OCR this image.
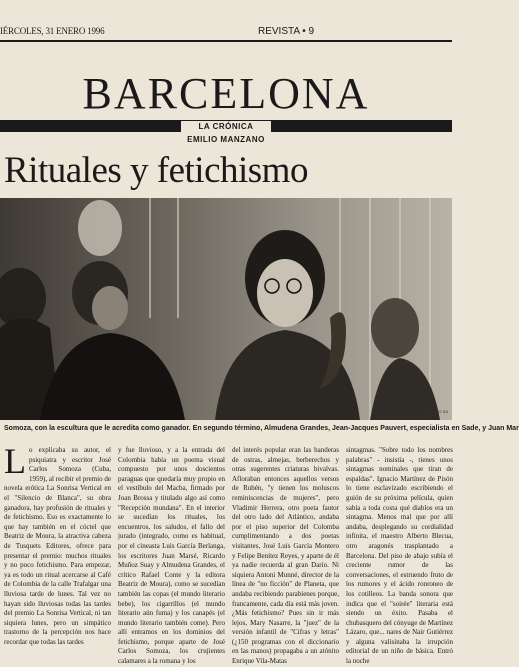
IÉRCOLES, 31 ENERO 1996	REVISTA • 9
BARCELONA
LA CRÓNICA
EMILIO MANZANO
Rituales y fetichismo
PATRICIO SA
Somoza, con la escultura que le acredita como ganador. En segundo término, Almudena Grandes, Jean-Jacques Pauvert, especialista en Sade, y Juan Mar
L o explicaba su autor, el psiquiatra y escritor José Carlos Somoza (Cuba, 1959), al recibir el premio de novela erótica La Sonrisa Vertical en el "Silencio de Blanca", su obra ganadora, hay profusión de rituales y de fetichismo. Eso es exactamente lo que hay también en el cóctel que Beatriz de Moura, la atractiva cabeza de Tusquets Editores, ofrece para presentar el premio: muchos rituales y no poco fetichismo. Para empezar, ya es todo un ritual acercarse al Café de Colombia de la calle Trafalgar una lluviosa tarde de lunes. Tal vez no hayan sido lluviosas todas las tardes del premio La Sonrisa Vertical, ni tan siquiera lunes, pero un simpático trastorno de la percepción nos hace recordar que todas las tardes

y fue lluvioso, y a la entrada del Colombia había un poema visual compuesto por unos doscientos paraguas que quedaría muy propio en el vestíbulo del Macba, firmado por Joan Brossa y titulado algo así como "Recepción mundana". En el interior se sucedían los rituales, los encuentros, los saludos, el fallo del jurado (integrado, como es habitual, por el cineasta Luis García Berlanga, los escritores Juan Marsé, Ricardo Muñoz Suay y Almudena Grandes, el crítico Rafael Conte y la editora Beatriz de Moura), como se sucedían también las copas (el mundo literario bebe), los cigarrillos (el mundo literario aún fuma) y los canapés (el mundo literario también come). Pero allí entramos en los dominios del fetichismo, porque aparte de José Carlos Somoza, los crujientes calamares a la romana y los

del interés popular eran las banderas de ostras, almejas, berberechos y otras sugerentes criaturas bivalvas. Afloraban entonces aquellos versos de Rubén, "y tienen los moluscos reminiscencias de mujeres", pero Vladimir Herrera, otro poeta fautor del otro lado del Atlántico, andaba por el piso superior del Colomba cumplimentando a dos poetas visitantes, José Luis García Montero y Felipe Benítez Reyes, y aparte de él ya nadie recuerda al gran Darío. Ni siquiera Antoni Munné, director de la línea de "no ficción" de Planeta, que andaba recibiendo parabienes porque, francamente, cada día está más joven. ¿Más fetichismo? Pues sin ir más lejos, Mary Nasarre, la "juez" de la versión infantil de "Cifras y letras" (¿150 programas con el diccionario en las manos) propagaba a un atónito Enrique Vila-Matas

sintagmas. "Sobre todo los nombres palabras" - insistía -, tienes unos sintagmas nominales que tiran de espaldas". Ignacio Martínez de Pisón lo tiene esclavizado escribiendo el guión de su próxima película, quien sabía a toda costa qué diablos era un sintagma. Menos mal que por allí andaba, desplegando su cordialidad infinita, el maestro Alberto Blecua, otro aragonés trasplantado a Barcelona. Del piso de abajo subía el creciente rumor de las conversaciones, el estruendo fruto de los rumores y el ácido ronroneo de los cotilleos. La banda sonora que indica que el "soirée" literaria está siendo un éxito. Pasaba el chubasquero del cónyuge de Martínez Lázaro, que... nares de Nair Gutiérrez y alguna valisinaba la irrupción editorial de un niño de básica. Entró la noche
